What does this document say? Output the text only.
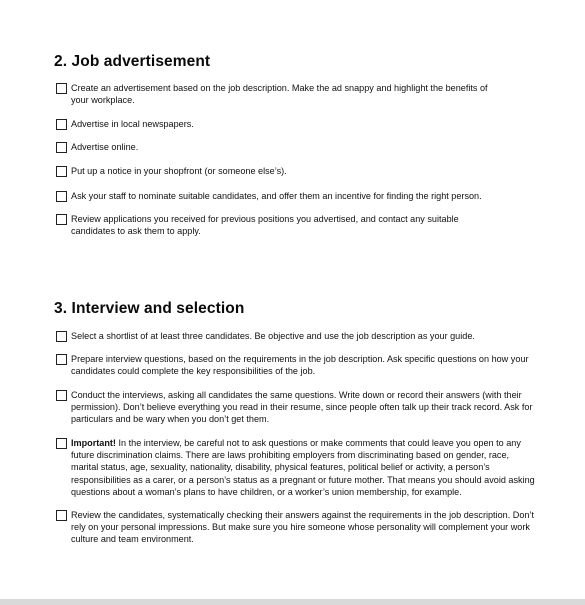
2. Job advertisement
Create an advertisement based on the job description. Make the ad snappy and highlight the benefits of your workplace.
Advertise in local newspapers.
Advertise online.
Put up a notice in your shopfront (or someone else’s).
Ask your staff to nominate suitable candidates, and offer them an incentive for finding the right person.
Review applications you received for previous positions you advertised, and contact any suitable candidates to ask them to apply.
3. Interview and selection
Select a shortlist of at least three candidates. Be objective and use the job description as your guide.
Prepare interview questions, based on the requirements in the job description. Ask specific questions on how your candidates could complete the key responsibilities of the job.
Conduct the interviews, asking all candidates the same questions. Write down or record their answers (with their permission). Don’t believe everything you read in their resume, since people often talk up their track record. Ask for particulars and be wary when you don’t get them.
Important! In the interview, be careful not to ask questions or make comments that could leave you open to any future discrimination claims. There are laws prohibiting employers from discriminating based on gender, race, marital status, age, sexuality, nationality, disability, physical features, political belief or activity, a person’s responsibilities as a carer, or a person’s status as a pregnant or future mother. That means you should avoid asking questions about a woman’s plans to have children, or a worker’s union membership, for example.
Review the candidates, systematically checking their answers against the requirements in the job description. Don’t rely on your personal impressions. But make sure you hire someone whose personality will complement your work culture and team environment.
